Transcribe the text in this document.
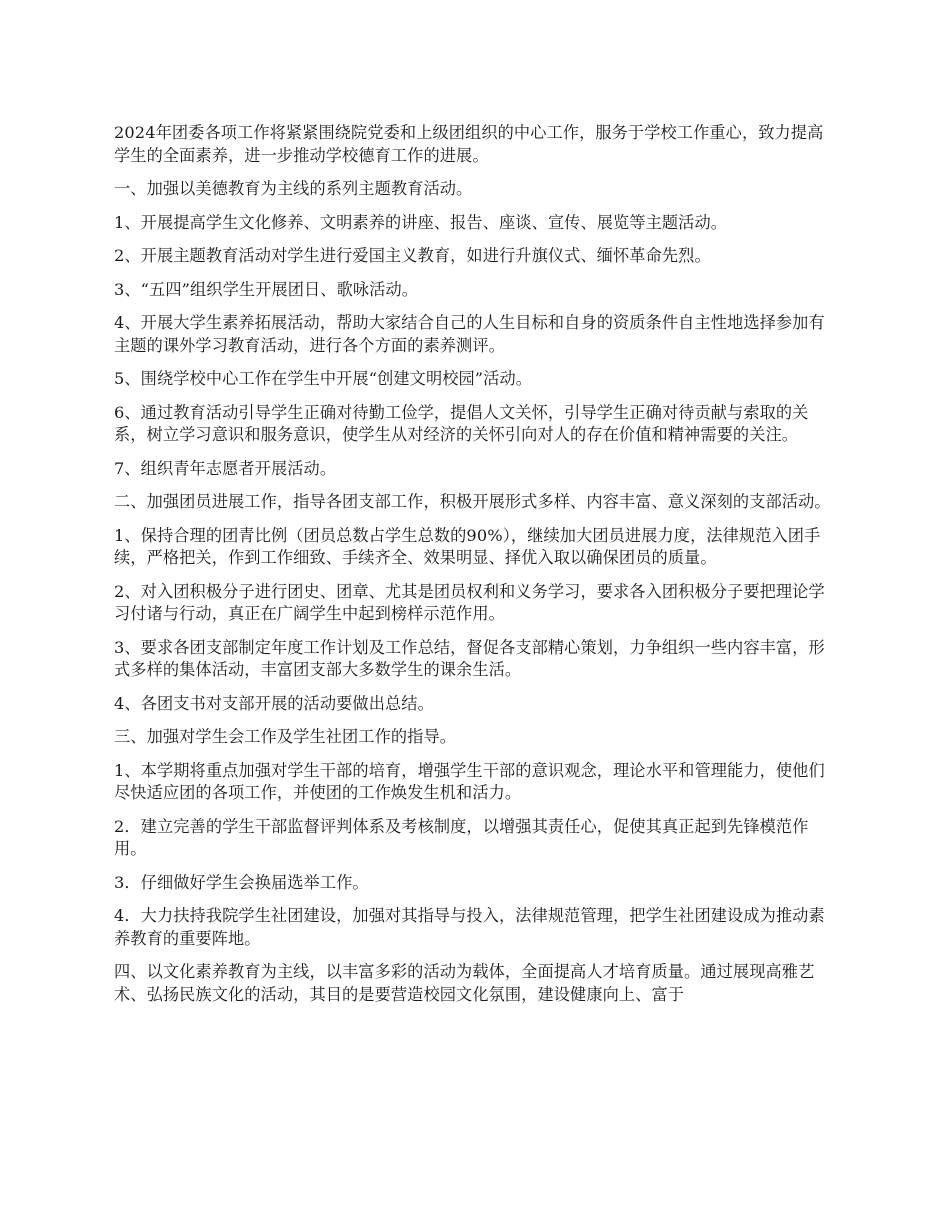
2024年团委各项工作将紧紧围绕院党委和上级团组织的中心工作，服务于学校工作重心，致力提高学生的全面素养，进一步推动学校德育工作的进展。

一、加强以美德教育为主线的系列主题教育活动。

1、开展提高学生文化修养、文明素养的讲座、报告、座谈、宣传、展览等主题活动。

2、开展主题教育活动对学生进行爱国主义教育，如进行升旗仪式、缅怀革命先烈。

3、“五四”组织学生开展团日、歌咏活动。

4、开展大学生素养拓展活动，帮助大家结合自己的人生目标和自身的资质条件自主性地选择参加有主题的课外学习教育活动，进行各个方面的素养测评。

5、围绕学校中心工作在学生中开展“创建文明校园”活动。

6、通过教育活动引导学生正确对待勤工俭学，提倡人文关怀，引导学生正确对待贡献与索取的关系，树立学习意识和服务意识，使学生从对经济的关怀引向对人的存在价值和精神需要的关注。

7、组织青年志愿者开展活动。

二、加强团员进展工作，指导各团支部工作，积极开展形式多样、内容丰富、意义深刻的支部活动。

1、保持合理的团青比例（团员总数占学生总数的90%），继续加大团员进展力度，法律规范入团手续，严格把关，作到工作细致、手续齐全、效果明显、择优入取以确保团员的质量。

2、对入团积极分子进行团史、团章、尤其是团员权利和义务学习，要求各入团积极分子要把理论学习付诸与行动，真正在广阔学生中起到榜样示范作用。

3、要求各团支部制定年度工作计划及工作总结，督促各支部精心策划，力争组织一些内容丰富，形式多样的集体活动，丰富团支部大多数学生的课余生活。

4、各团支书对支部开展的活动要做出总结。

三、加强对学生会工作及学生社团工作的指导。

1、本学期将重点加强对学生干部的培育，增强学生干部的意识观念，理论水平和管理能力，使他们尽快适应团的各项工作，并使团的工作焕发生机和活力。

2．建立完善的学生干部监督评判体系及考核制度，以增强其责任心，促使其真正起到先锋模范作用。

3．仔细做好学生会换届选举工作。

4．大力扶持我院学生社团建设，加强对其指导与投入，法律规范管理，把学生社团建设成为推动素养教育的重要阵地。

四、以文化素养教育为主线，以丰富多彩的活动为载体，全面提高人才培育质量。通过展现高雅艺术、弘扬民族文化的活动，其目的是要营造校园文化氛围，建设健康向上、富于
